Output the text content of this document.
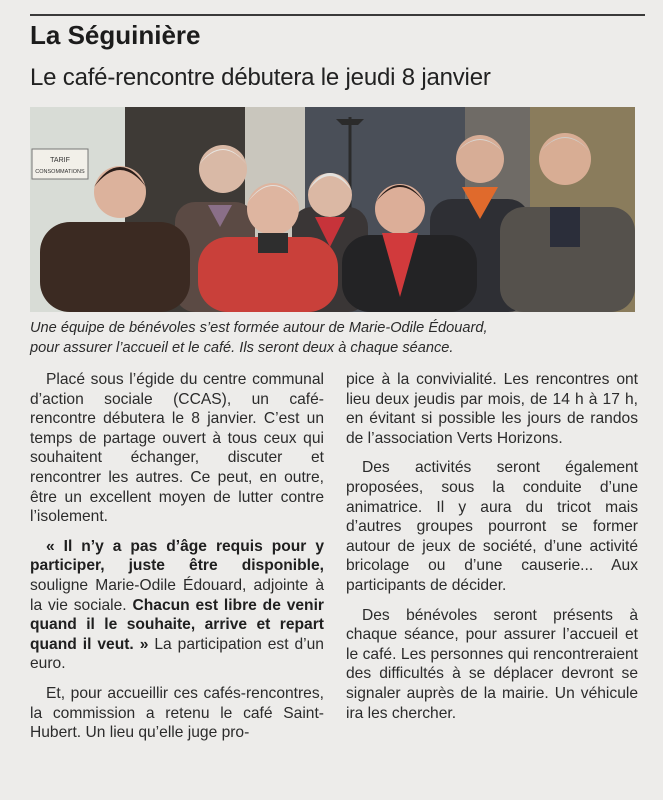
La Séguinière
Le café-rencontre débutera le jeudi 8 janvier
TARIF
CONSOMMATIONS
Une équipe de bénévoles s’est formée autour de Marie-Odile Édouard,
pour assurer l’accueil et le café. Ils seront deux à chaque séance.

Placé sous l’égide du centre communal d’action sociale (CCAS), un café-rencontre débutera le 8 janvier. C’est un temps de partage ouvert à tous ceux qui souhaitent échanger, discuter et rencontrer les autres. Ce peut, en outre, être un excellent moyen de lutter contre l’isolement.

« Il n’y a pas d’âge requis pour y participer, juste être disponible, souligne Marie-Odile Édouard, adjointe à la vie sociale. Chacun est libre de venir quand il le souhaite, arrive et repart quand il veut. » La participation est d’un euro.

Et, pour accueillir ces cafés-rencontres, la commission a retenu le café Saint-Hubert. Un lieu qu’elle juge pro-

pice à la convivialité. Les rencontres ont lieu deux jeudis par mois, de 14 h à 17 h, en évitant si possible les jours de randos de l’association Verts Horizons.

Des activités seront également proposées, sous la conduite d’une animatrice. Il y aura du tricot mais d’autres groupes pourront se former autour de jeux de société, d’une activité bricolage ou d’une causerie... Aux participants de décider.

Des bénévoles seront présents à chaque séance, pour assurer l’accueil et le café. Les personnes qui rencontreraient des difficultés à se déplacer devront se signaler auprès de la mairie. Un véhicule ira les chercher.
